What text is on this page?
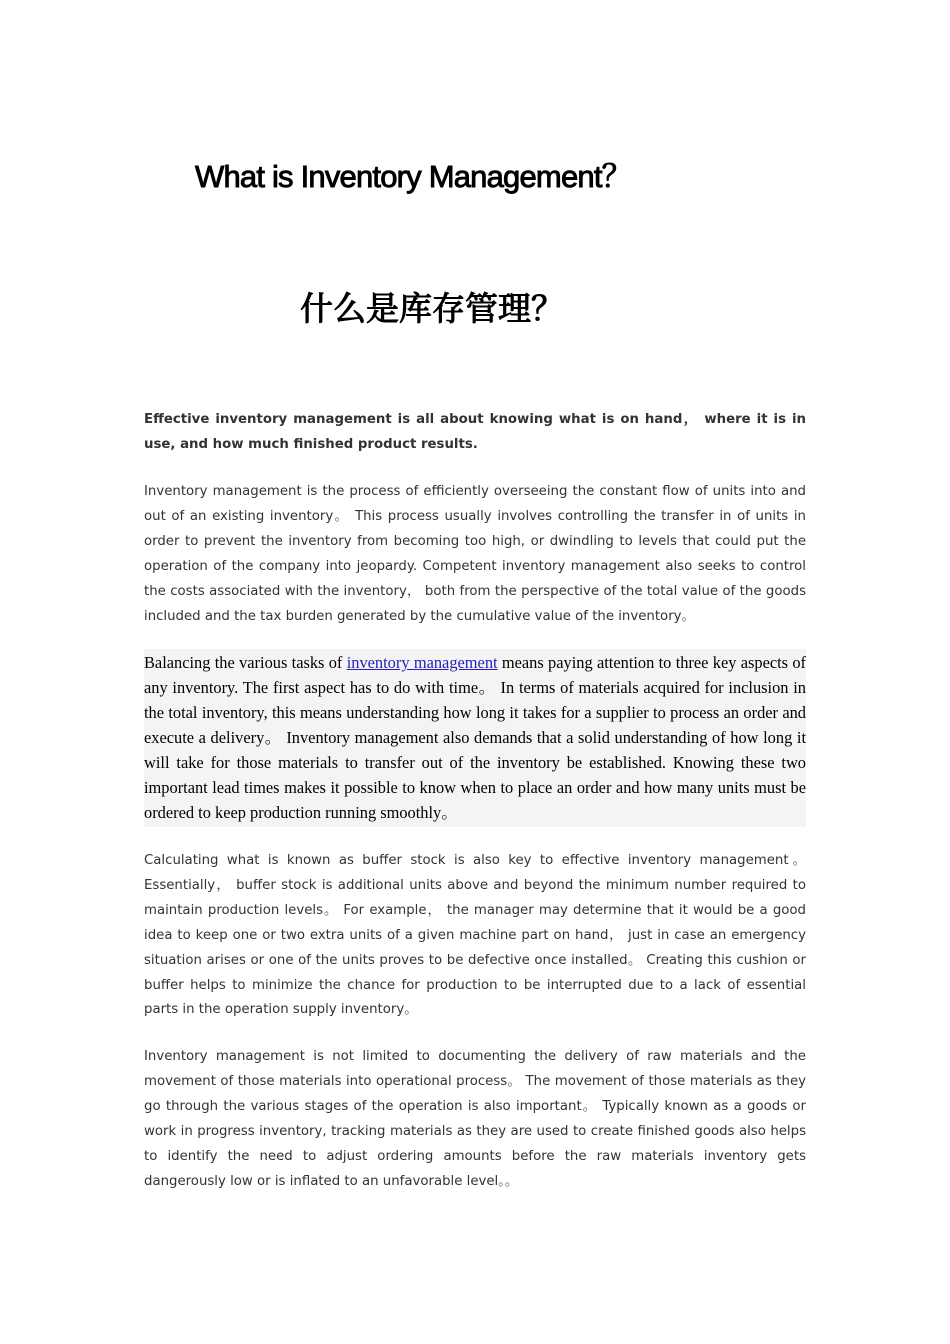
What is Inventory Management？
什么是库存管理？

Effective inventory management is all about knowing what is on hand， where it is in use, and how much finished product results.

Inventory management is the process of efficiently overseeing the constant flow of units into and out of an existing inventory。 This process usually involves controlling the transfer in of units in order to prevent the inventory from becoming too high, or dwindling to levels that could put the operation of the company into jeopardy. Competent inventory management also seeks to control the costs associated with the inventory， both from the perspective of the total value of the goods included and the tax burden generated by the cumulative value of the inventory。

Balancing the various tasks of inventory management means paying attention to three key aspects of any inventory. The first aspect has to do with time。 In terms of materials acquired for inclusion in the total inventory, this means understanding how long it takes for a supplier to process an order and execute a delivery。 Inventory management also demands that a solid understanding of how long it will take for those materials to transfer out of the inventory be established. Knowing these two important lead times makes it possible to know when to place an order and how many units must be ordered to keep production running smoothly。

Calculating what is known as buffer stock is also key to effective inventory management。 Essentially， buffer stock is additional units above and beyond the minimum number required to maintain production levels。 For example， the manager may determine that it would be a good idea to keep one or two extra units of a given machine part on hand， just in case an emergency situation arises or one of the units proves to be defective once installed。 Creating this cushion or buffer helps to minimize the chance for production to be interrupted due to a lack of essential parts in the operation supply inventory。

Inventory management is not limited to documenting the delivery of raw materials and the movement of those materials into operational process。 The movement of those materials as they go through the various stages of the operation is also important。 Typically known as a goods or work in progress inventory, tracking materials as they are used to create finished goods also helps to identify the need to adjust ordering amounts before the raw materials inventory gets dangerously low or is inflated to an unfavorable level。。
